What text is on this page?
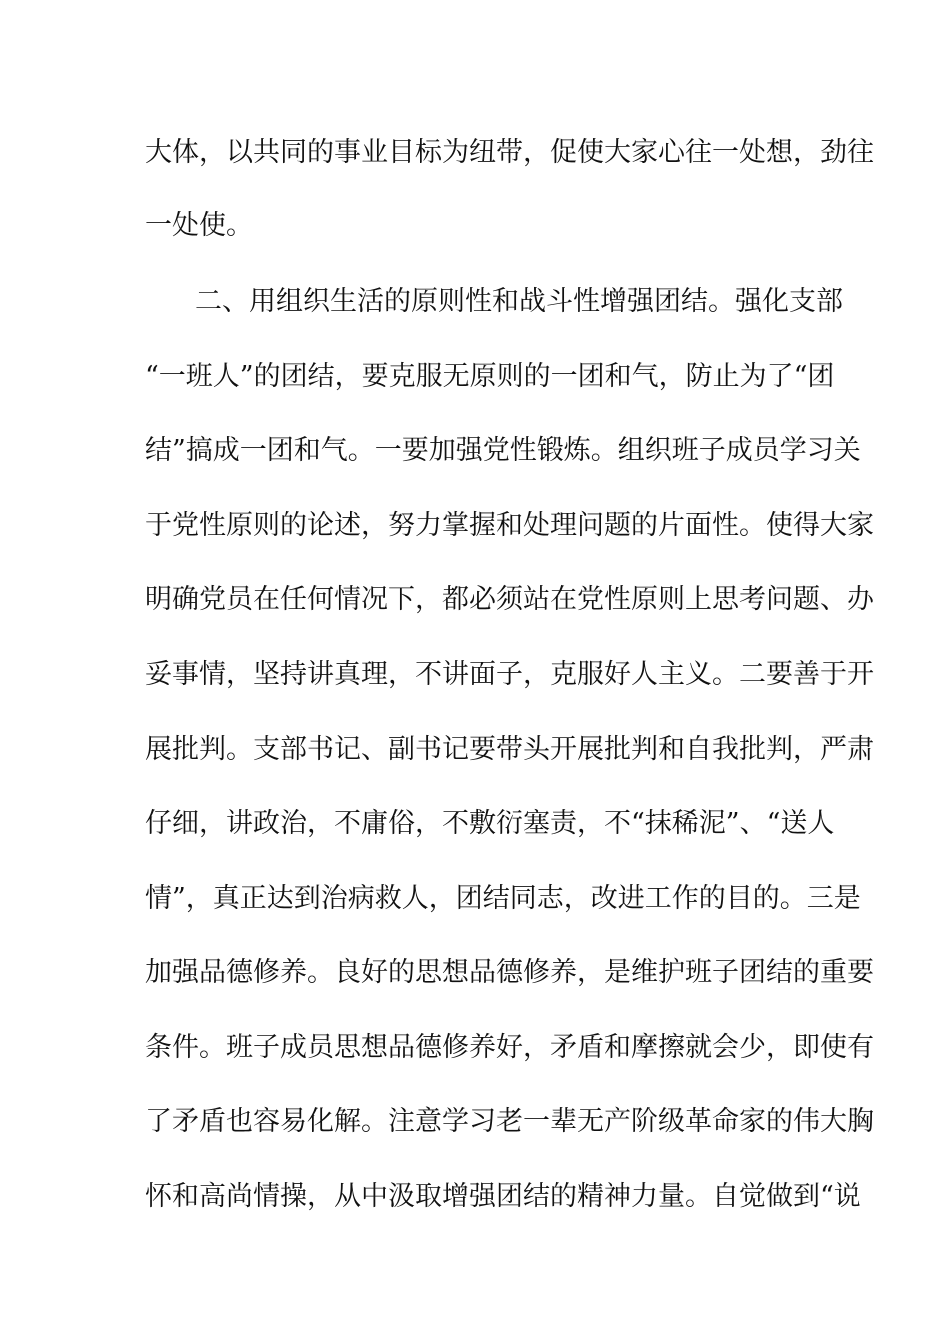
大体，以共同的事业目标为纽带，促使大家心往一处想，劲往
一处使。
二、用组织生活的原则性和战斗性增强团结。强化支部
“一班人”的团结，要克服无原则的一团和气，防止为了“团
结”搞成一团和气。一要加强党性锻炼。组织班子成员学习关
于党性原则的论述，努力掌握和处理问题的片面性。使得大家
明确党员在任何情况下，都必须站在党性原则上思考问题、办
妥事情，坚持讲真理，不讲面子，克服好人主义。二要善于开
展批判。支部书记、副书记要带头开展批判和自我批判，严肃
仔细，讲政治，不庸俗，不敷衍塞责，不“抹稀泥”、“送人
情”，真正达到治病救人，团结同志，改进工作的目的。三是
加强品德修养。良好的思想品德修养，是维护班子团结的重要
条件。班子成员思想品德修养好，矛盾和摩擦就会少，即使有
了矛盾也容易化解。注意学习老一辈无产阶级革命家的伟大胸
怀和高尚情操，从中汲取增强团结的精神力量。自觉做到“说
